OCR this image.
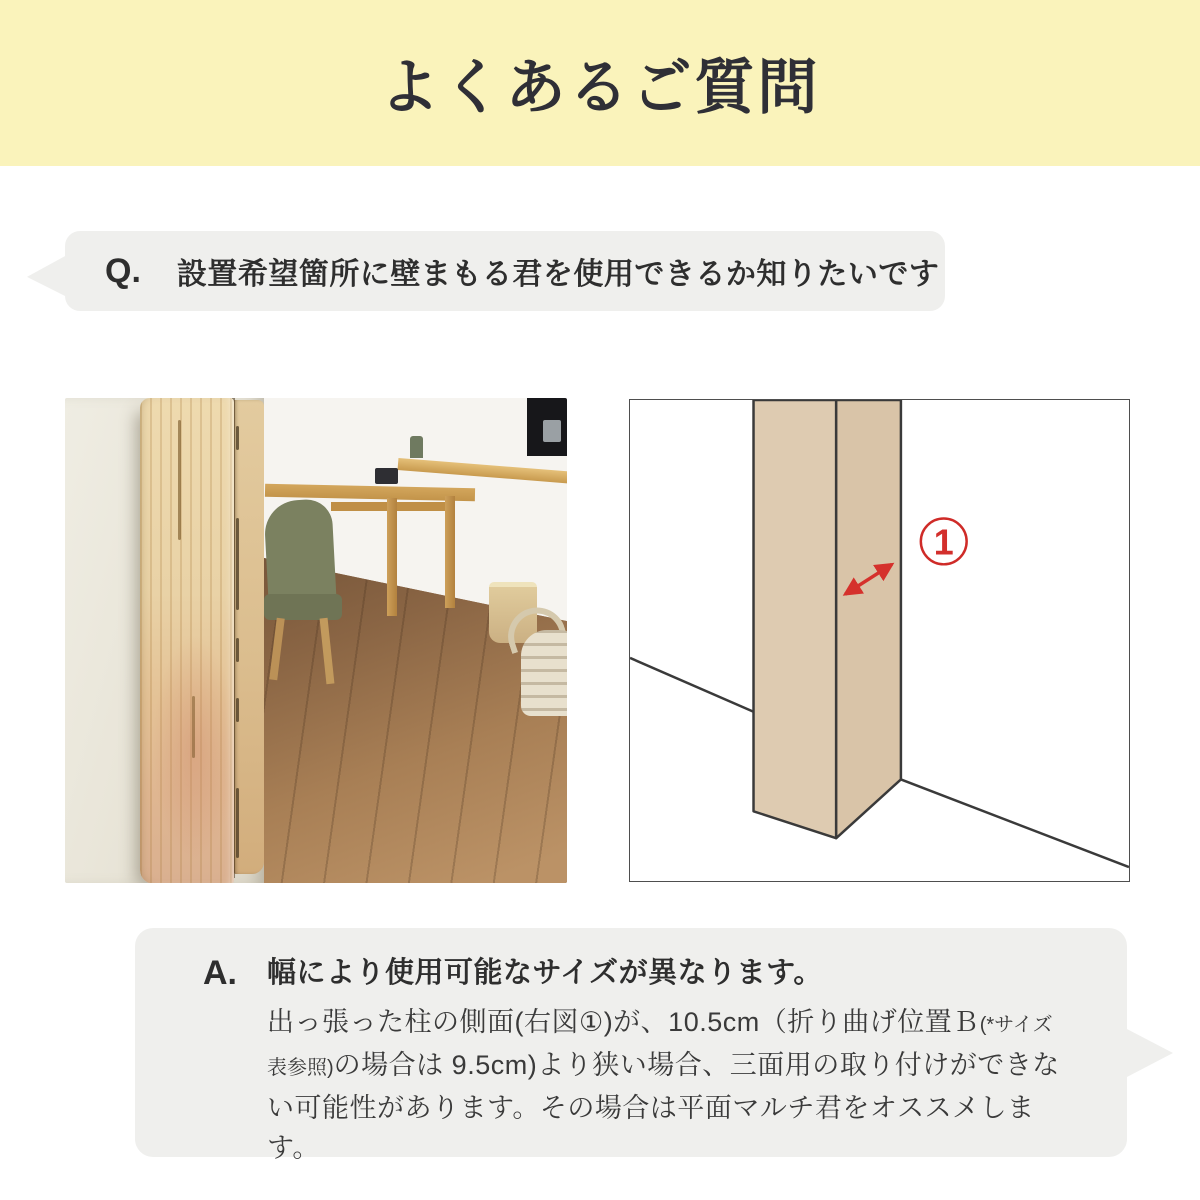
よくあるご質問
Q. 設置希望箇所に壁まもる君を使用できるか知りたいです
1
A.	幅により使用可能なサイズが異なります。

出っ張った柱の側面(右図①)が、10.5cm（折り曲げ位置Ｂ(*サイズ表参照)の場合は 9.5cm)より狭い場合、三面用の取り付けができない可能性があります。その場合は平面マルチ君をオススメします。
